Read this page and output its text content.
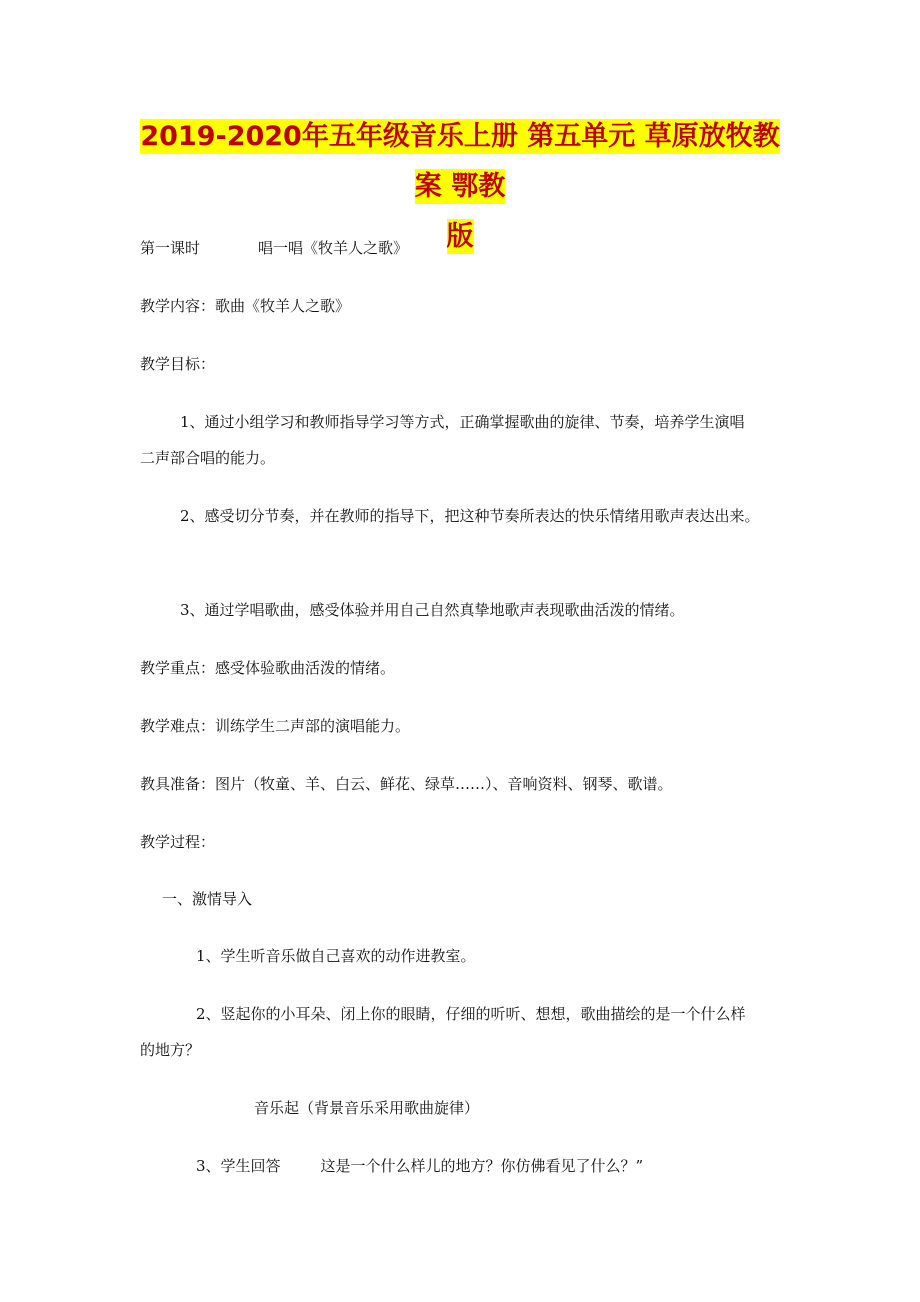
2019-2020年五年级音乐上册 第五单元 草原放牧教案 鄂教
版
第一课时	唱一唱《牧羊人之歌》
教学内容：歌曲《牧羊人之歌》
教学目标：
1、通过小组学习和教师指导学习等方式，正确掌握歌曲的旋律、节奏，培养学生演唱
二声部合唱的能力。
2、感受切分节奏，并在教师的指导下，把这种节奏所表达的快乐情绪用歌声表达出来。
3、通过学唱歌曲，感受体验并用自己自然真挚地歌声表现歌曲活泼的情绪。
教学重点：感受体验歌曲活泼的情绪。
教学难点：训练学生二声部的演唱能力。
教具准备：图片（牧童、羊、白云、鲜花、绿草……）、音响资料、钢琴、歌谱。
教学过程：
一、激情导入
1、学生听音乐做自己喜欢的动作进教室。
2、竖起你的小耳朵、闭上你的眼睛，仔细的听听、想想，歌曲描绘的是一个什么样
的地方？
音乐起（背景音乐采用歌曲旋律）
3、学生回答	这是一个什么样儿的地方？你仿佛看见了什么？”
